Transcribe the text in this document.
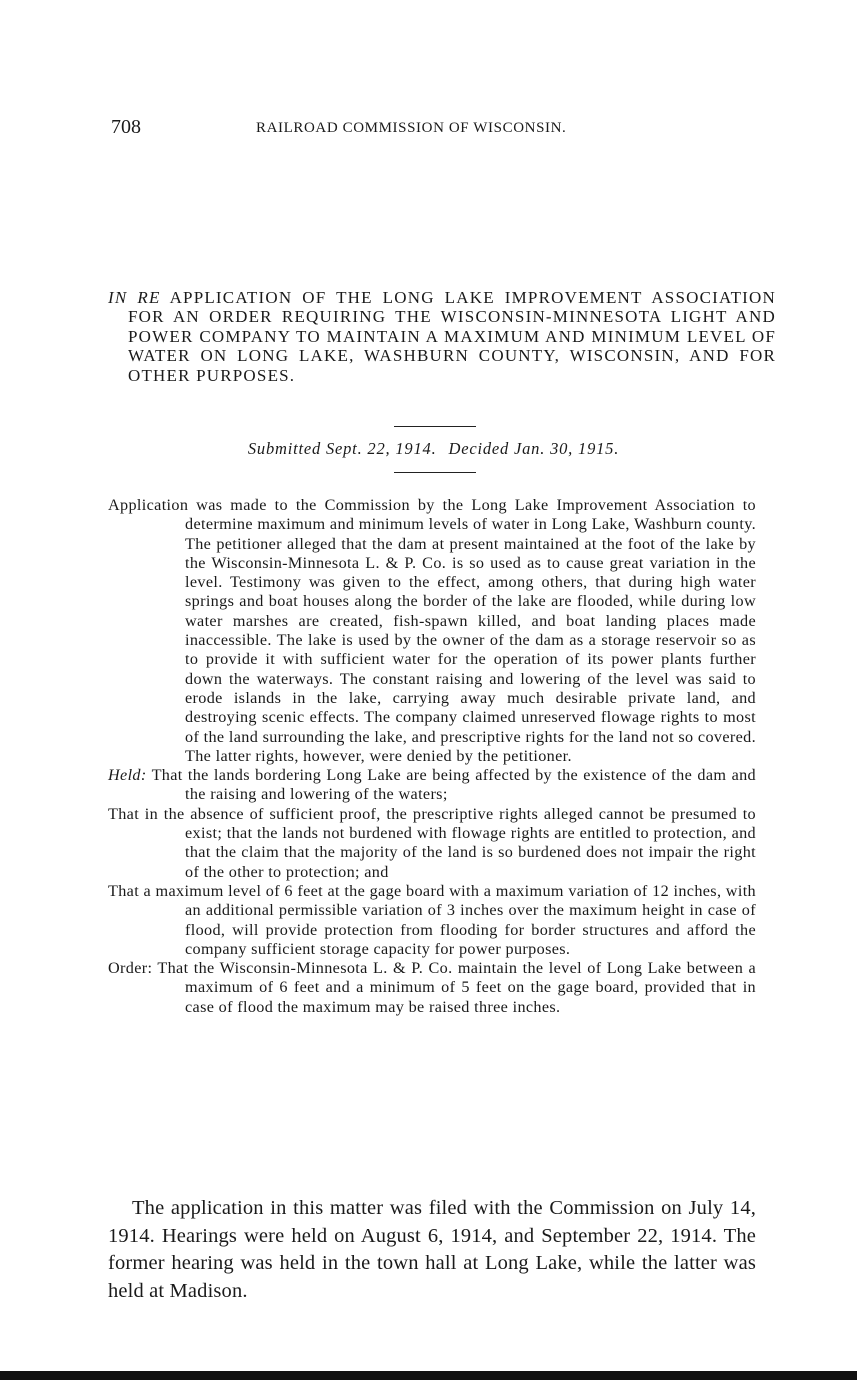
708	RAILROAD COMMISSION OF WISCONSIN.
IN RE APPLICATION OF THE LONG LAKE IMPROVEMENT ASSOCIATION FOR AN ORDER REQUIRING THE WISCONSIN-MINNESOTA LIGHT AND POWER COMPANY TO MAINTAIN A MAXIMUM AND MINIMUM LEVEL OF WATER ON LONG LAKE, WASHBURN COUNTY, WISCONSIN, AND FOR OTHER PURPOSES.
Submitted Sept. 22, 1914. Decided Jan. 30, 1915.

Application was made to the Commission by the Long Lake Improvement Association to determine maximum and minimum levels of water in Long Lake, Washburn county. The petitioner alleged that the dam at present maintained at the foot of the lake by the Wisconsin-Minnesota L. & P. Co. is so used as to cause great variation in the level. Testimony was given to the effect, among others, that during high water springs and boat houses along the border of the lake are flooded, while during low water marshes are created, fish-spawn killed, and boat landing places made inaccessible. The lake is used by the owner of the dam as a storage reservoir so as to provide it with sufficient water for the operation of its power plants further down the waterways. The constant raising and lowering of the level was said to erode islands in the lake, carrying away much desirable private land, and destroying scenic effects. The company claimed unreserved flowage rights to most of the land surrounding the lake, and prescriptive rights for the land not so covered. The latter rights, however, were denied by the petitioner.

Held: That the lands bordering Long Lake are being affected by the existence of the dam and the raising and lowering of the waters;

That in the absence of sufficient proof, the prescriptive rights alleged cannot be presumed to exist; that the lands not burdened with flowage rights are entitled to protection, and that the claim that the majority of the land is so burdened does not impair the right of the other to protection; and

That a maximum level of 6 feet at the gage board with a maximum variation of 12 inches, with an additional permissible variation of 3 inches over the maximum height in case of flood, will provide protection from flooding for border structures and afford the company sufficient storage capacity for power purposes.

Order: That the Wisconsin-Minnesota L. & P. Co. maintain the level of Long Lake between a maximum of 6 feet and a minimum of 5 feet on the gage board, provided that in case of flood the maximum may be raised three inches.

The application in this matter was filed with the Commission on July 14, 1914. Hearings were held on August 6, 1914, and September 22, 1914. The former hearing was held in the town hall at Long Lake, while the latter was held at Madison.
